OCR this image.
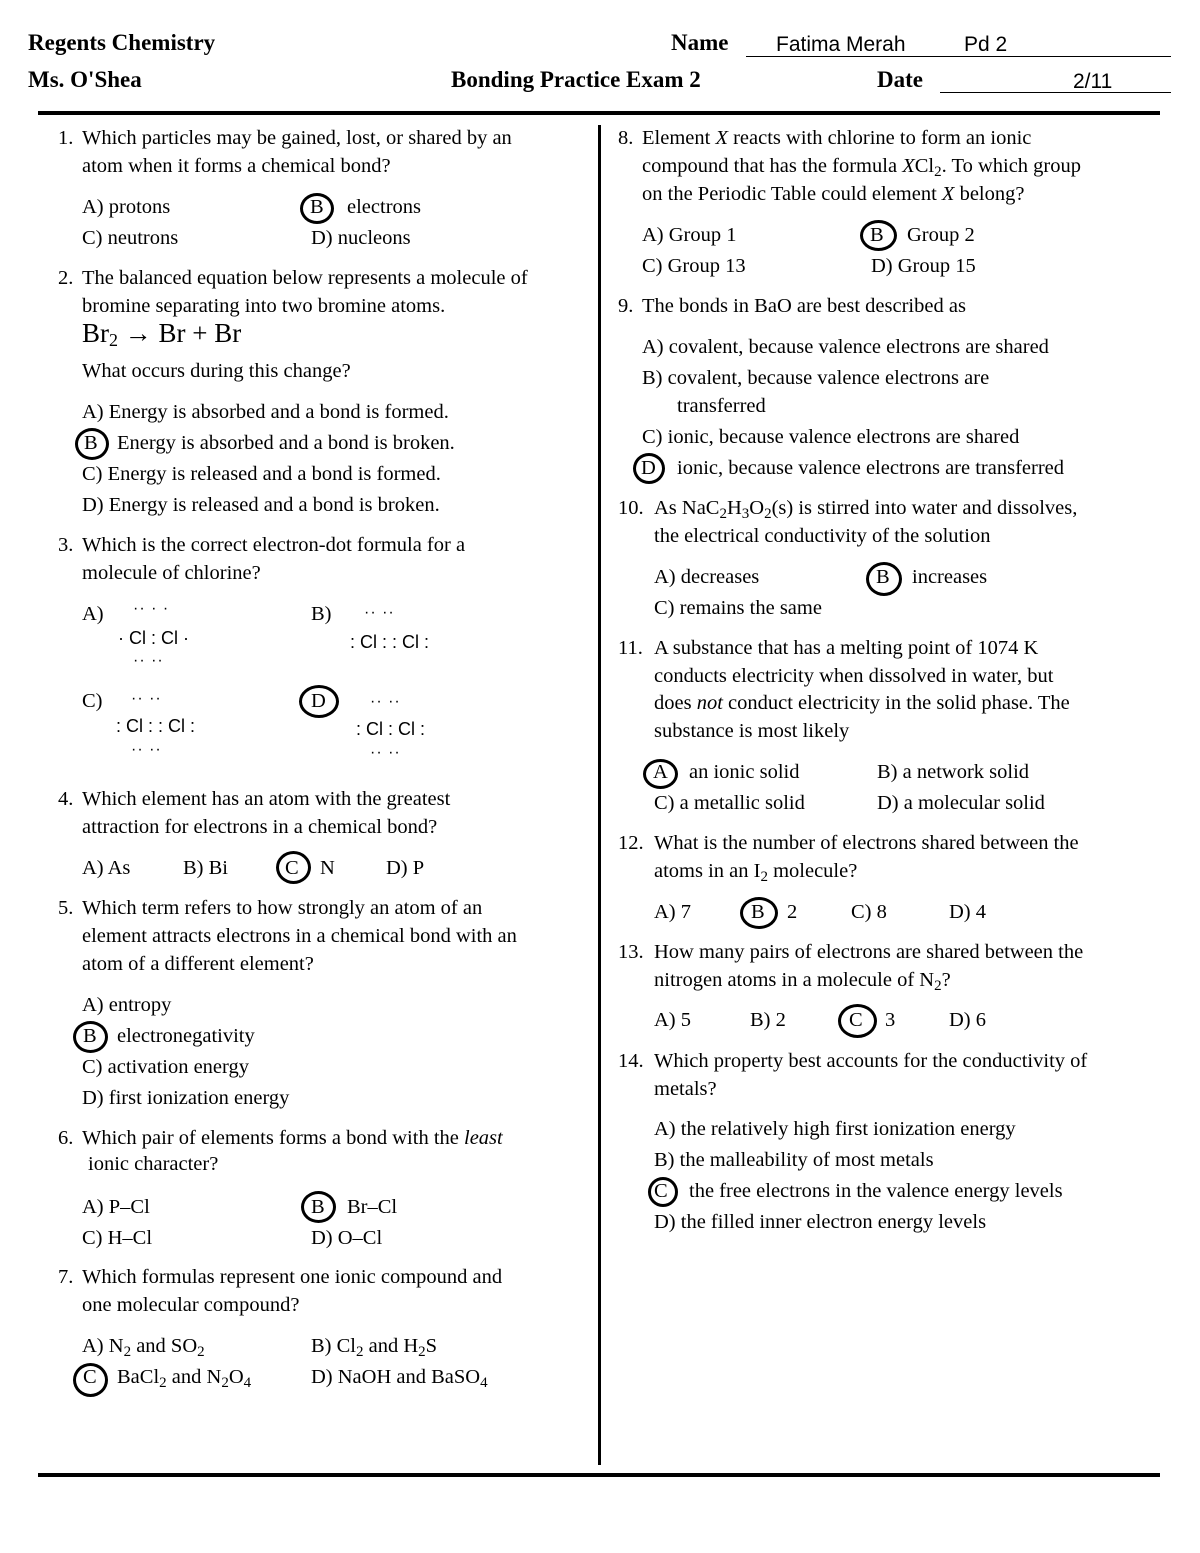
Regents Chemistry
Ms. O'Shea	Bonding Practice Exam 2
Name Fatima Merah	Pd 2
Date	2/11
1. Which particles may be gained, lost, or shared by an
atom when it forms a chemical bond?
A) protons	B electrons
C) neutrons	D) nucleons
2. The balanced equation below represents a molecule of
bromine separating into two bromine atoms.
$Br_2 \to Br + Br$
What occurs during this change?
A) Energy is absorbed and a bond is formed.
B Energy is absorbed and a bond is broken.
C) Energy is released and a bond is formed.
D) Energy is released and a bond is broken.
3. Which is the correct electron-dot formula for a
molecule of chlorine?
A) ·· · ·
· Cl : Cl ·
·· ··
B) ·· ··
: Cl : : Cl :
C) ·· ··
: Cl : : Cl :
·· ··
D	·· ··
: Cl : Cl :
·· ··
4. Which element has an atom with the greatest
attraction for electrons in a chemical bond?
A) As	B) Bi	C N D) P
5. Which term refers to how strongly an atom of an
element attracts electrons in a chemical bond with an
atom of a different element?
A) entropy
B electronegativity
C) activation energy
D) first ionization energy
6. Which pair of elements forms a bond with the least
ionic character?
A) P–Cl	B Br–Cl
C) H–Cl	D) O–Cl
7. Which formulas represent one ionic compound and
one molecular compound?
A) $N_2$ and $SO_2$	B) $Cl_2$ and $H_2S$
C BaCl$_2$ and $N_2O_4$	D) NaOH and BaSO$_4$
8. Element X reacts with chlorine to form an ionic
compound that has the formula XCl$_2$. To which group
on the Periodic Table could element X belong?
A) Group 1	B Group 2
C) Group 13	D) Group 15
9. The bonds in BaO are best described as
A) covalent, because valence electrons are shared
B) covalent, because valence electrons are
transferred
C) ionic, because valence electrons are shared
D ionic, because valence electrons are transferred
10. As $NaC_2H_3O_2(s)$ is stirred into water and dissolves,
the electrical conductivity of the solution
A) decreases	B increases
C) remains the same
11. A substance that has a melting point of 1074 K
conducts electricity when dissolved in water, but
does not conduct electricity in the solid phase. The
substance is most likely
A an ionic solid	B) a network solid
C) a metallic solid	D) a molecular solid
12. What is the number of electrons shared between the
atoms in an $I_2$ molecule?
A) 7	B 2	C) 8	D) 4
13. How many pairs of electrons are shared between the
nitrogen atoms in a molecule of $N_2$?
A) 5	B) 2	C 3	D) 6
14. Which property best accounts for the conductivity of
metals?
A) the relatively high first ionization energy
B) the malleability of most metals
C the free electrons in the valence energy levels
D) the filled inner electron energy levels
